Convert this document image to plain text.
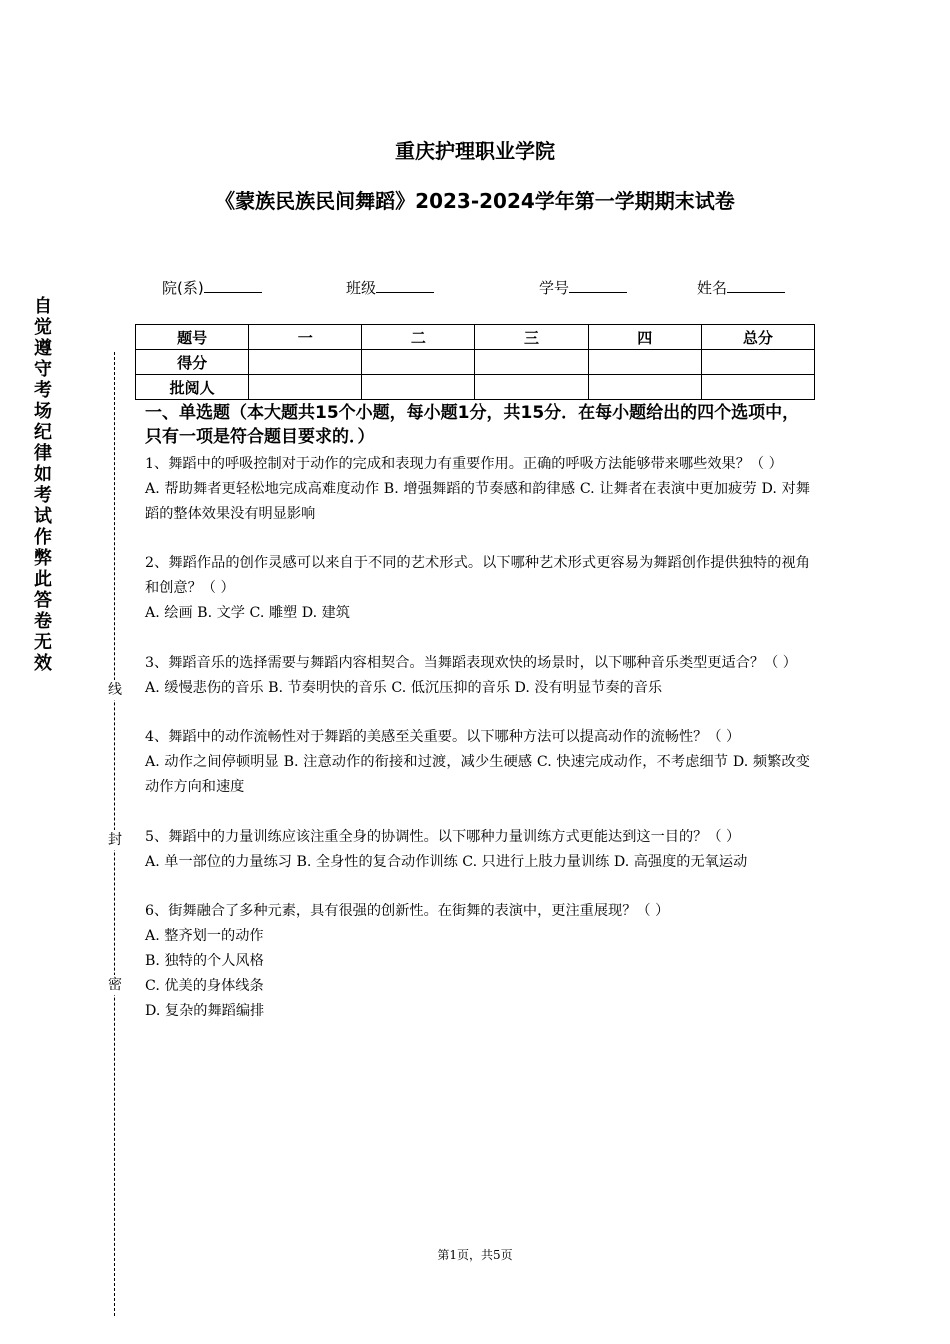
重庆护理职业学院
《蒙族民族民间舞蹈》2023-2024学年第一学期期末试卷
院(系)	班级	学号	姓名
题号	一	二	三	四	总分
得分					
批阅人					
自觉遵守考场纪律如考试作弊此答卷无效
线
封
密

一、单选题（本大题共15个小题，每小题1分，共15分．在每小题给出的四个选项中，只有一项是符合题目要求的．）

1、舞蹈中的呼吸控制对于动作的完成和表现力有重要作用。正确的呼吸方法能够带来哪些效果？（ ）

A. 帮助舞者更轻松地完成高难度动作 B. 增强舞蹈的节奏感和韵律感 C. 让舞者在表演中更加疲劳 D. 对舞蹈的整体效果没有明显影响

2、舞蹈作品的创作灵感可以来自于不同的艺术形式。以下哪种艺术形式更容易为舞蹈创作提供独特的视角和创意？（ ）

A. 绘画 B. 文学 C. 雕塑 D. 建筑

3、舞蹈音乐的选择需要与舞蹈内容相契合。当舞蹈表现欢快的场景时，以下哪种音乐类型更适合？（ ）

A. 缓慢悲伤的音乐 B. 节奏明快的音乐 C. 低沉压抑的音乐 D. 没有明显节奏的音乐

4、舞蹈中的动作流畅性对于舞蹈的美感至关重要。以下哪种方法可以提高动作的流畅性？（ ）

A. 动作之间停顿明显 B. 注意动作的衔接和过渡，减少生硬感 C. 快速完成动作，不考虑细节 D. 频繁改变动作方向和速度

5、舞蹈中的力量训练应该注重全身的协调性。以下哪种力量训练方式更能达到这一目的？（ ）

A. 单一部位的力量练习 B. 全身性的复合动作训练 C. 只进行上肢力量训练 D. 高强度的无氧运动

6、街舞融合了多种元素，具有很强的创新性。在街舞的表演中，更注重展现？（ ）

A. 整齐划一的动作

B. 独特的个人风格

C. 优美的身体线条

D. 复杂的舞蹈编排

第1页，共5页
